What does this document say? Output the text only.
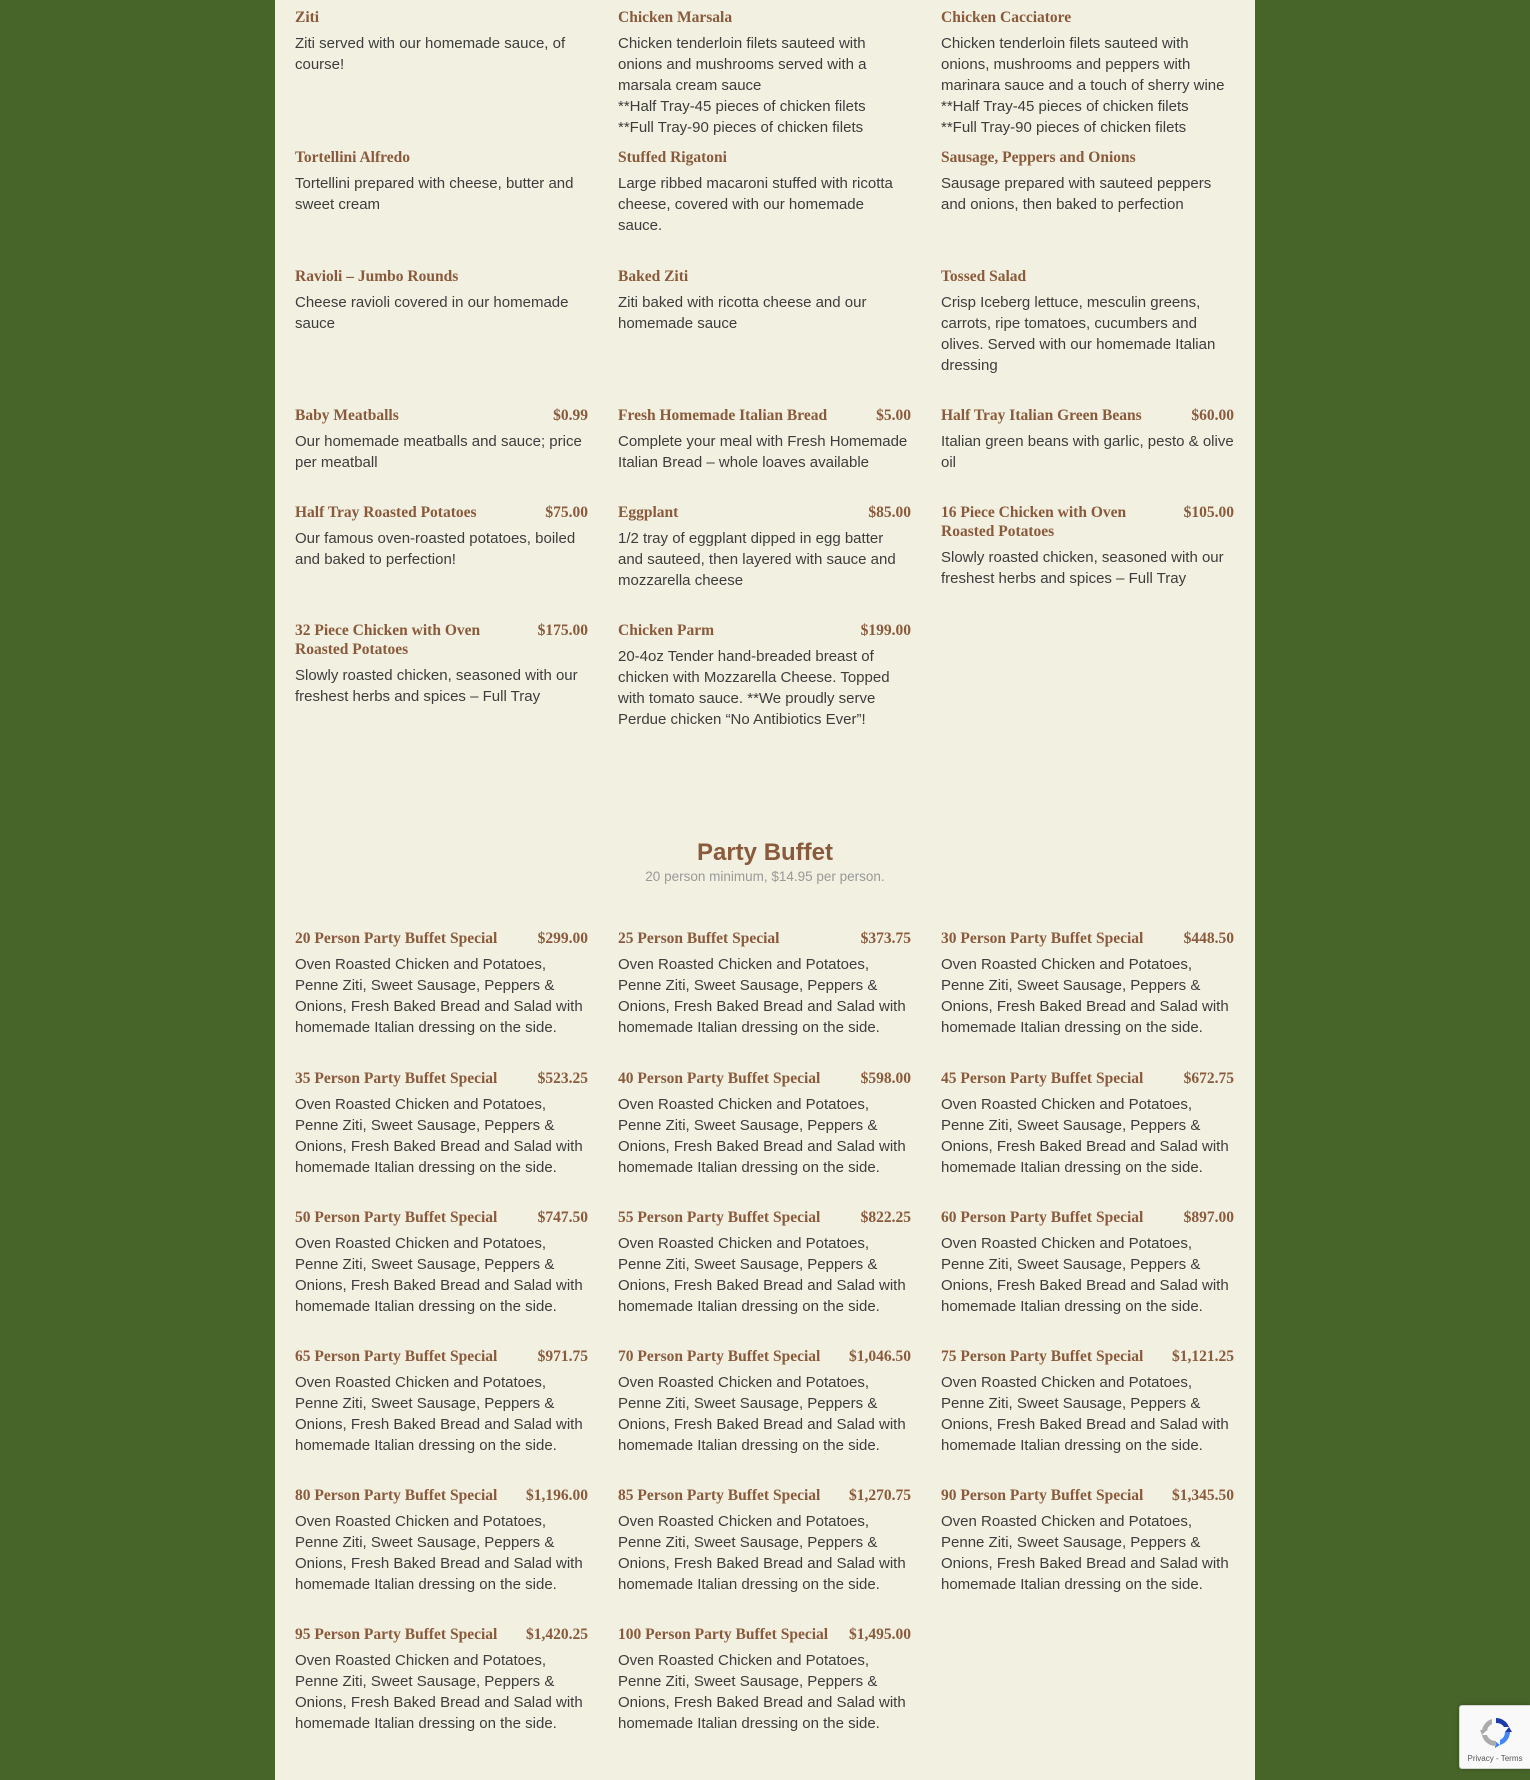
Ziti
Ziti served with our homemade sauce, of course!
Chicken Marsala
Chicken tenderloin filets sauteed with onions and mushrooms served with a marsala cream sauce
**Half Tray-45 pieces of chicken filets
**Full Tray-90 pieces of chicken filets
Chicken Cacciatore
Chicken tenderloin filets sauteed with onions, mushrooms and peppers with marinara sauce and a touch of sherry wine
**Half Tray-45 pieces of chicken filets
**Full Tray-90 pieces of chicken filets
Tortellini Alfredo
Tortellini prepared with cheese, butter and sweet cream
Stuffed Rigatoni
Large ribbed macaroni stuffed with ricotta cheese, covered with our homemade sauce.
Sausage, Peppers and Onions
Sausage prepared with sauteed peppers and onions, then baked to perfection
Ravioli – Jumbo Rounds
Cheese ravioli covered in our homemade sauce
Baked Ziti
Ziti baked with ricotta cheese and our homemade sauce
Tossed Salad
Crisp Iceberg lettuce, mesculin greens, carrots, ripe tomatoes, cucumbers and olives. Served with our homemade Italian dressing
Baby Meatballs	$0.99
Our homemade meatballs and sauce; price per meatball
Fresh Homemade Italian Bread	$5.00
Complete your meal with Fresh Homemade Italian Bread – whole loaves available
Half Tray Italian Green Beans	$60.00
Italian green beans with garlic, pesto & olive oil
Half Tray Roasted Potatoes	$75.00
Our famous oven-roasted potatoes, boiled and baked to perfection!
Eggplant	$85.00
1/2 tray of eggplant dipped in egg batter and sauteed, then layered with sauce and mozzarella cheese
16 Piece Chicken with Oven Roasted Potatoes
$105.00
Slowly roasted chicken, seasoned with our freshest herbs and spices – Full Tray
32 Piece Chicken with Oven Roasted Potatoes
$175.00
Slowly roasted chicken, seasoned with our freshest herbs and spices – Full Tray
Chicken Parm	$199.00
20-4oz Tender hand-breaded breast of chicken with Mozzarella Cheese. Topped with tomato sauce. **We proudly serve Perdue chicken “No Antibiotics Ever”!
Party Buffet
20 person minimum, $14.95 per person.
20 Person Party Buffet Special	$299.00
Oven Roasted Chicken and Potatoes, Penne Ziti, Sweet Sausage, Peppers & Onions, Fresh Baked Bread and Salad with homemade Italian dressing on the side.
25 Person Buffet Special	$373.75
Oven Roasted Chicken and Potatoes, Penne Ziti, Sweet Sausage, Peppers & Onions, Fresh Baked Bread and Salad with homemade Italian dressing on the side.
30 Person Party Buffet Special	$448.50
Oven Roasted Chicken and Potatoes, Penne Ziti, Sweet Sausage, Peppers & Onions, Fresh Baked Bread and Salad with homemade Italian dressing on the side.
35 Person Party Buffet Special	$523.25
Oven Roasted Chicken and Potatoes, Penne Ziti, Sweet Sausage, Peppers & Onions, Fresh Baked Bread and Salad with homemade Italian dressing on the side.
40 Person Party Buffet Special	$598.00
Oven Roasted Chicken and Potatoes, Penne Ziti, Sweet Sausage, Peppers & Onions, Fresh Baked Bread and Salad with homemade Italian dressing on the side.
45 Person Party Buffet Special	$672.75
Oven Roasted Chicken and Potatoes, Penne Ziti, Sweet Sausage, Peppers & Onions, Fresh Baked Bread and Salad with homemade Italian dressing on the side.
50 Person Party Buffet Special	$747.50
Oven Roasted Chicken and Potatoes, Penne Ziti, Sweet Sausage, Peppers & Onions, Fresh Baked Bread and Salad with homemade Italian dressing on the side.
55 Person Party Buffet Special	$822.25
Oven Roasted Chicken and Potatoes, Penne Ziti, Sweet Sausage, Peppers & Onions, Fresh Baked Bread and Salad with homemade Italian dressing on the side.
60 Person Party Buffet Special	$897.00
Oven Roasted Chicken and Potatoes, Penne Ziti, Sweet Sausage, Peppers & Onions, Fresh Baked Bread and Salad with homemade Italian dressing on the side.
65 Person Party Buffet Special	$971.75
Oven Roasted Chicken and Potatoes, Penne Ziti, Sweet Sausage, Peppers & Onions, Fresh Baked Bread and Salad with homemade Italian dressing on the side.
70 Person Party Buffet Special	$1,046.50
Oven Roasted Chicken and Potatoes, Penne Ziti, Sweet Sausage, Peppers & Onions, Fresh Baked Bread and Salad with homemade Italian dressing on the side.
75 Person Party Buffet Special	$1,121.25
Oven Roasted Chicken and Potatoes, Penne Ziti, Sweet Sausage, Peppers & Onions, Fresh Baked Bread and Salad with homemade Italian dressing on the side.
80 Person Party Buffet Special	$1,196.00
Oven Roasted Chicken and Potatoes, Penne Ziti, Sweet Sausage, Peppers & Onions, Fresh Baked Bread and Salad with homemade Italian dressing on the side.
85 Person Party Buffet Special	$1,270.75
Oven Roasted Chicken and Potatoes, Penne Ziti, Sweet Sausage, Peppers & Onions, Fresh Baked Bread and Salad with homemade Italian dressing on the side.
90 Person Party Buffet Special	$1,345.50
Oven Roasted Chicken and Potatoes, Penne Ziti, Sweet Sausage, Peppers & Onions, Fresh Baked Bread and Salad with homemade Italian dressing on the side.
95 Person Party Buffet Special	$1,420.25
Oven Roasted Chicken and Potatoes, Penne Ziti, Sweet Sausage, Peppers & Onions, Fresh Baked Bread and Salad with homemade Italian dressing on the side.
100 Person Party Buffet Special	$1,495.00
Oven Roasted Chicken and Potatoes, Penne Ziti, Sweet Sausage, Peppers & Onions, Fresh Baked Bread and Salad with homemade Italian dressing on the side.
Privacy - Terms
